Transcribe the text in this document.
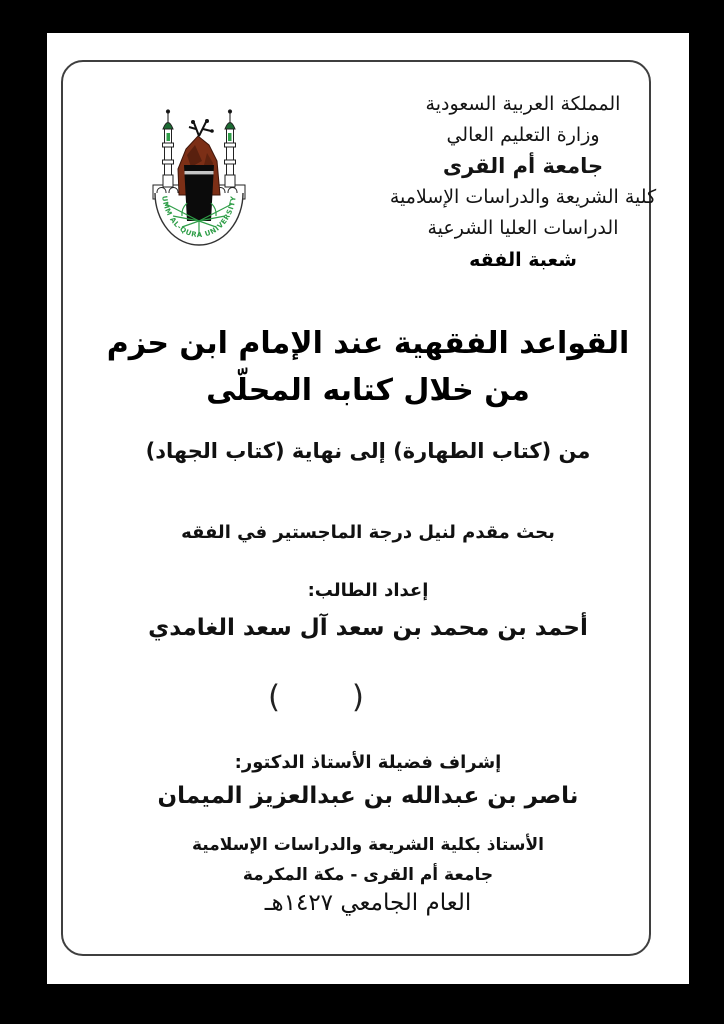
UMM AL-QURA UNIVERSITY
المملكة العربية السعودية
وزارة التعليم العالي
جامعة أم القرى
كلية الشريعة والدراسات الإسلامية
الدراسات العليا الشرعية
شعبة الفقه
القواعد الفقهية عند الإمام ابن حزم
من خلال كتابه المحلّى
من (كتاب الطهارة) إلى نهاية (كتاب الجهاد)
بحث مقدم لنيل درجة الماجستير في الفقه
إعداد الطالب:
أحمد بن محمد بن سعد آل سعد الغامدي
( )
إشراف فضيلة الأستاذ الدكتور:
ناصر بن عبدالله بن عبدالعزيز الميمان
الأستاذ بكلية الشريعة والدراسات الإسلامية
جامعة أم القرى - مكة المكرمة
العام الجامعي ١٤٢٧هـ
